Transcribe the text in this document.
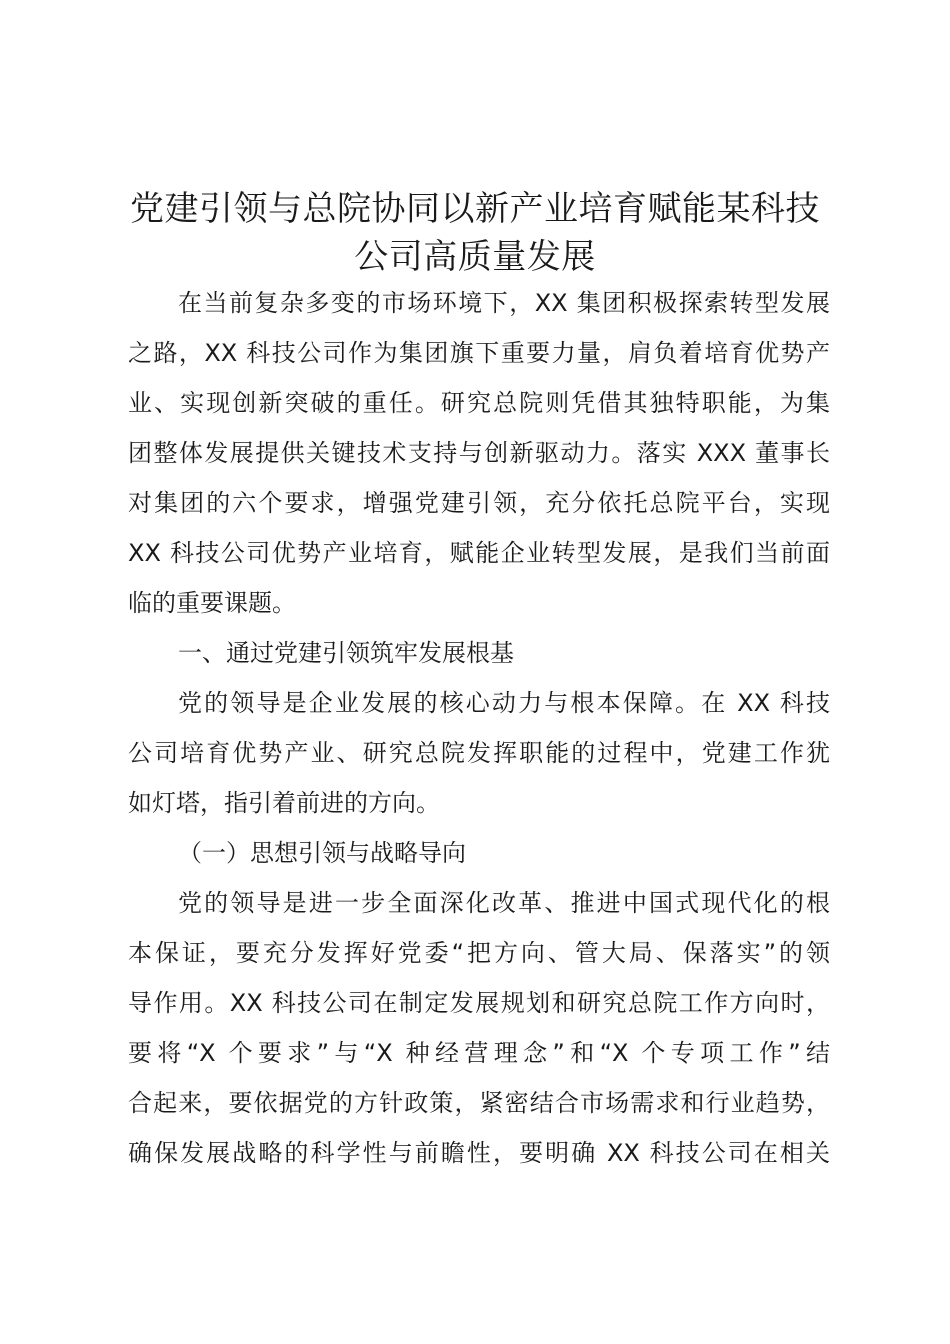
党建引领与总院协同以新产业培育赋能某科技
公司高质量发展

在当前复杂多变的市场环境下，XX 集团积极探索转型发展

之路，XX 科技公司作为集团旗下重要力量，肩负着培育优势产

业、实现创新突破的重任。研究总院则凭借其独特职能，为集

团整体发展提供关键技术支持与创新驱动力。落实 XXX 董事长

对集团的六个要求，增强党建引领，充分依托总院平台，实现

XX 科技公司优势产业培育，赋能企业转型发展，是我们当前面

临的重要课题。

一、通过党建引领筑牢发展根基

党的领导是企业发展的核心动力与根本保障。在 XX 科技

公司培育优势产业、研究总院发挥职能的过程中，党建工作犹

如灯塔，指引着前进的方向。

（一）思想引领与战略导向

党的领导是进一步全面深化改革、推进中国式现代化的根

本保证，要充分发挥好党委“把方向、管大局、保落实”的领

导作用。XX 科技公司在制定发展规划和研究总院工作方向时，

要将“X 个要求”与“X 种经营理念”和“X 个专项工作”结

合起来，要依据党的方针政策，紧密结合市场需求和行业趋势，

确保发展战略的科学性与前瞻性，要明确 XX 科技公司在相关
